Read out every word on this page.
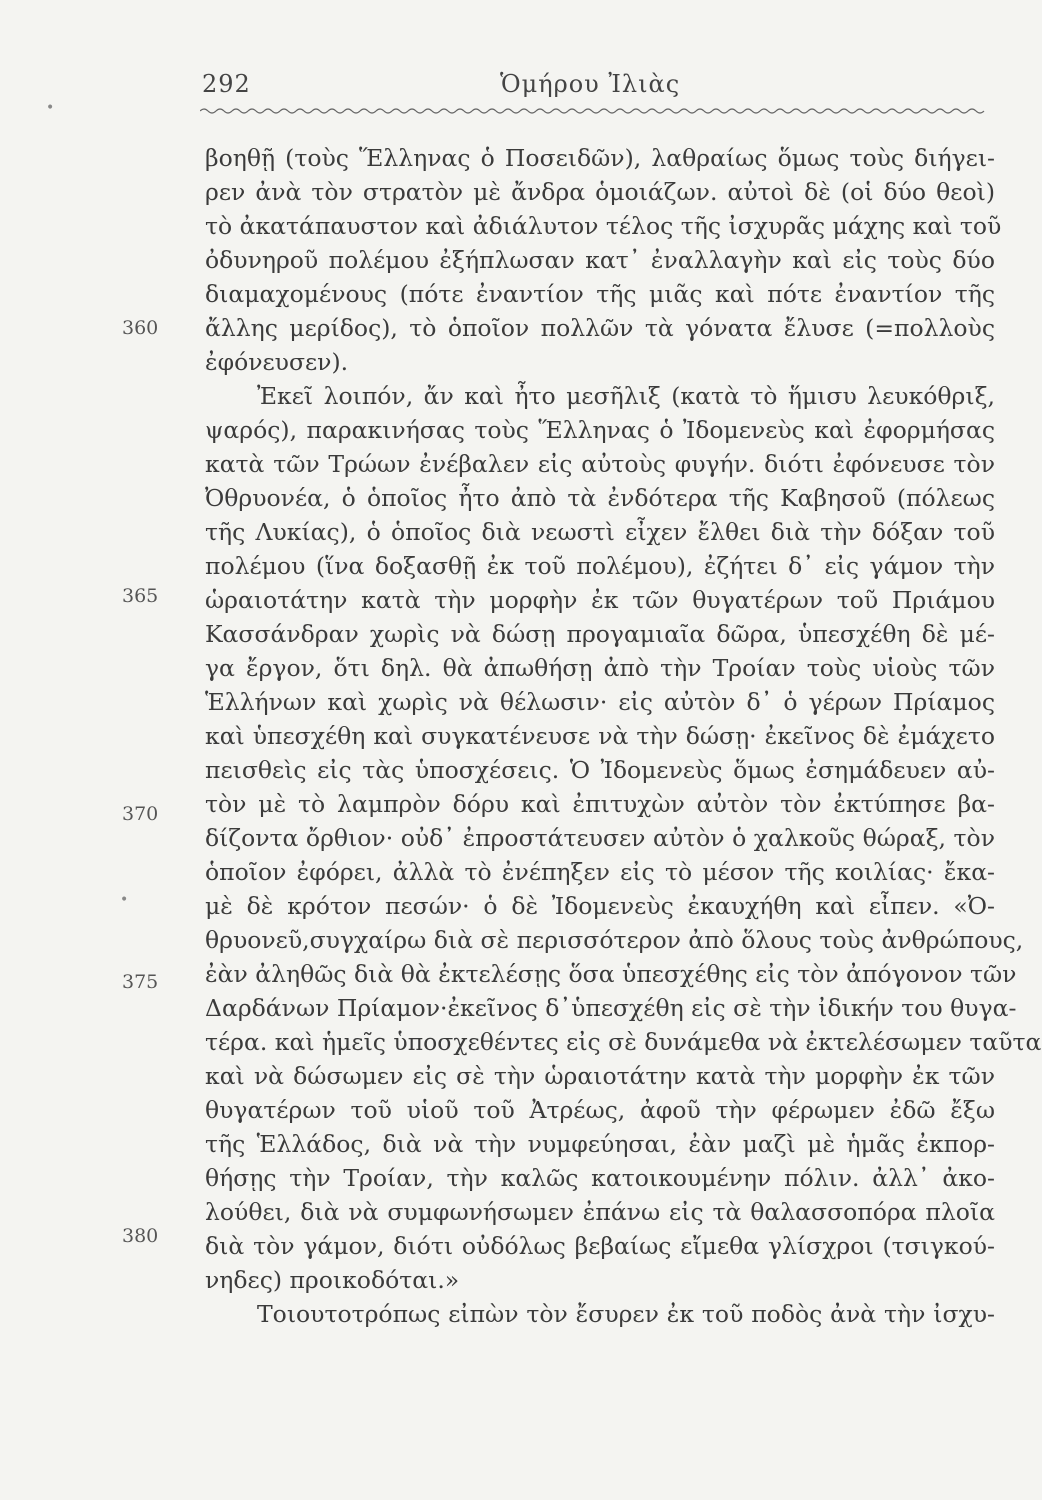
292	Ὁμήρου Ἰλιὰς
•
•
βοηθῇ (τοὺς Ἕλληνας ὁ Ποσειδῶν), λαθραίως ὅμως τοὺς διήγει-
ρεν ἀνὰ τὸν στρατὸν μὲ ἄνδρα ὁμοιάζων. αὐτοὶ δὲ (οἱ δύο θεοὶ)
τὸ ἀκατάπαυστον καὶ ἀδιάλυτον τέλος τῆς ἰσχυρᾶς μάχης καὶ τοῦ
ὀδυνηροῦ πολέμου ἐξήπλωσαν κατ᾽ ἐναλλαγὴν καὶ εἰς τοὺς δύο
διαμαχομένους (πότε ἐναντίον τῆς μιᾶς καὶ πότε ἐναντίον τῆς
ἄλλης μερίδος), τὸ ὁποῖον πολλῶν τὰ γόνατα ἔλυσε (=πολλοὺς
ἐφόνευσεν).
Ἐκεῖ λοιπόν, ἄν καὶ ἦτο μεσῆλιξ (κατὰ τὸ ἥμισυ λευκόθριξ,
ψαρός), παρακινήσας τοὺς Ἕλληνας ὁ Ἰδομενεὺς καὶ ἐφορμήσας
κατὰ τῶν Τρώων ἐνέβαλεν εἰς αὐτοὺς φυγήν. διότι ἐφόνευσε τὸν
Ὀθρυονέα, ὁ ὁποῖος ἦτο ἀπὸ τὰ ἐνδότερα τῆς Καβησοῦ (πόλεως
τῆς Λυκίας), ὁ ὁποῖος διὰ νεωστὶ εἶχεν ἔλθει διὰ τὴν δόξαν τοῦ
πολέμου (ἵνα δοξασθῇ ἐκ τοῦ πολέμου), ἐζήτει δ᾽ εἰς γάμον τὴν
ὡραιοτάτην κατὰ τὴν μορφὴν ἐκ τῶν θυγατέρων τοῦ Πριάμου
Κασσάνδραν χωρὶς νὰ δώσῃ προγαμιαῖα δῶρα, ὑπεσχέθη δὲ μέ-
γα ἔργον, ὅτι δηλ. θὰ ἀπωθήσῃ ἀπὸ τὴν Τροίαν τοὺς υἱοὺς τῶν
Ἑλλήνων καὶ χωρὶς νὰ θέλωσιν· εἰς αὐτὸν δ᾽ ὁ γέρων Πρίαμος
καὶ ὑπεσχέθη καὶ συγκατένευσε νὰ τὴν δώσῃ· ἐκεῖνος δὲ ἐμάχετο
πεισθεὶς εἰς τὰς ὑποσχέσεις. Ὁ Ἰδομενεὺς ὅμως ἐσημάδευεν αὐ-
τὸν μὲ τὸ λαμπρὸν δόρυ καὶ ἐπιτυχὼν αὐτὸν τὸν ἐκτύπησε βα-
δίζοντα ὄρθιον· οὐδ᾽ ἐπροστάτευσεν αὐτὸν ὁ χαλκοῦς θώραξ, τὸν
ὁποῖον ἐφόρει, ἀλλὰ τὸ ἐνέπηξεν εἰς τὸ μέσον τῆς κοιλίας· ἔκα-
μὲ δὲ κρότον πεσών· ὁ δὲ Ἰδομενεὺς ἐκαυχήθη καὶ εἶπεν. «Ὀ-
θρυονεῦ,συγχαίρω διὰ σὲ περισσότερον ἀπὸ ὅλους τοὺς ἀνθρώπους,
ἐὰν ἀληθῶς διὰ θὰ ἐκτελέσῃς ὅσα ὑπεσχέθης εἰς τὸν ἀπόγονον τῶν
Δαρδάνων Πρίαμον·ἐκεῖνος δ᾽ὑπεσχέθη εἰς σὲ τὴν ἰδικήν του θυγα-
τέρα. καὶ ἡμεῖς ὑποσχεθέντες εἰς σὲ δυνάμεθα νὰ ἐκτελέσωμεν ταῦτα
καὶ νὰ δώσωμεν εἰς σὲ τὴν ὡραιοτάτην κατὰ τὴν μορφὴν ἐκ τῶν
θυγατέρων τοῦ υἱοῦ τοῦ Ἀτρέως, ἀφοῦ τὴν φέρωμεν ἐδῶ ἔξω
τῆς Ἑλλάδος, διὰ νὰ τὴν νυμφεύησαι, ἐὰν μαζὶ μὲ ἡμᾶς ἐκπορ-
θήσῃς τὴν Τροίαν, τὴν καλῶς κατοικουμένην πόλιν. ἀλλ᾽ ἀκο-
λούθει, διὰ νὰ συμφωνήσωμεν ἐπάνω εἰς τὰ θαλασσοπόρα πλοῖα
διὰ τὸν γάμον, διότι οὐδόλως βεβαίως εἴμεθα γλίσχροι (τσιγκού-
νηδες) προικοδόται.»
Τοιουτοτρόπως εἰπὼν τὸν ἔσυρεν ἐκ τοῦ ποδὸς ἀνὰ τὴν ἰσχυ-
360
365
370
375
380
